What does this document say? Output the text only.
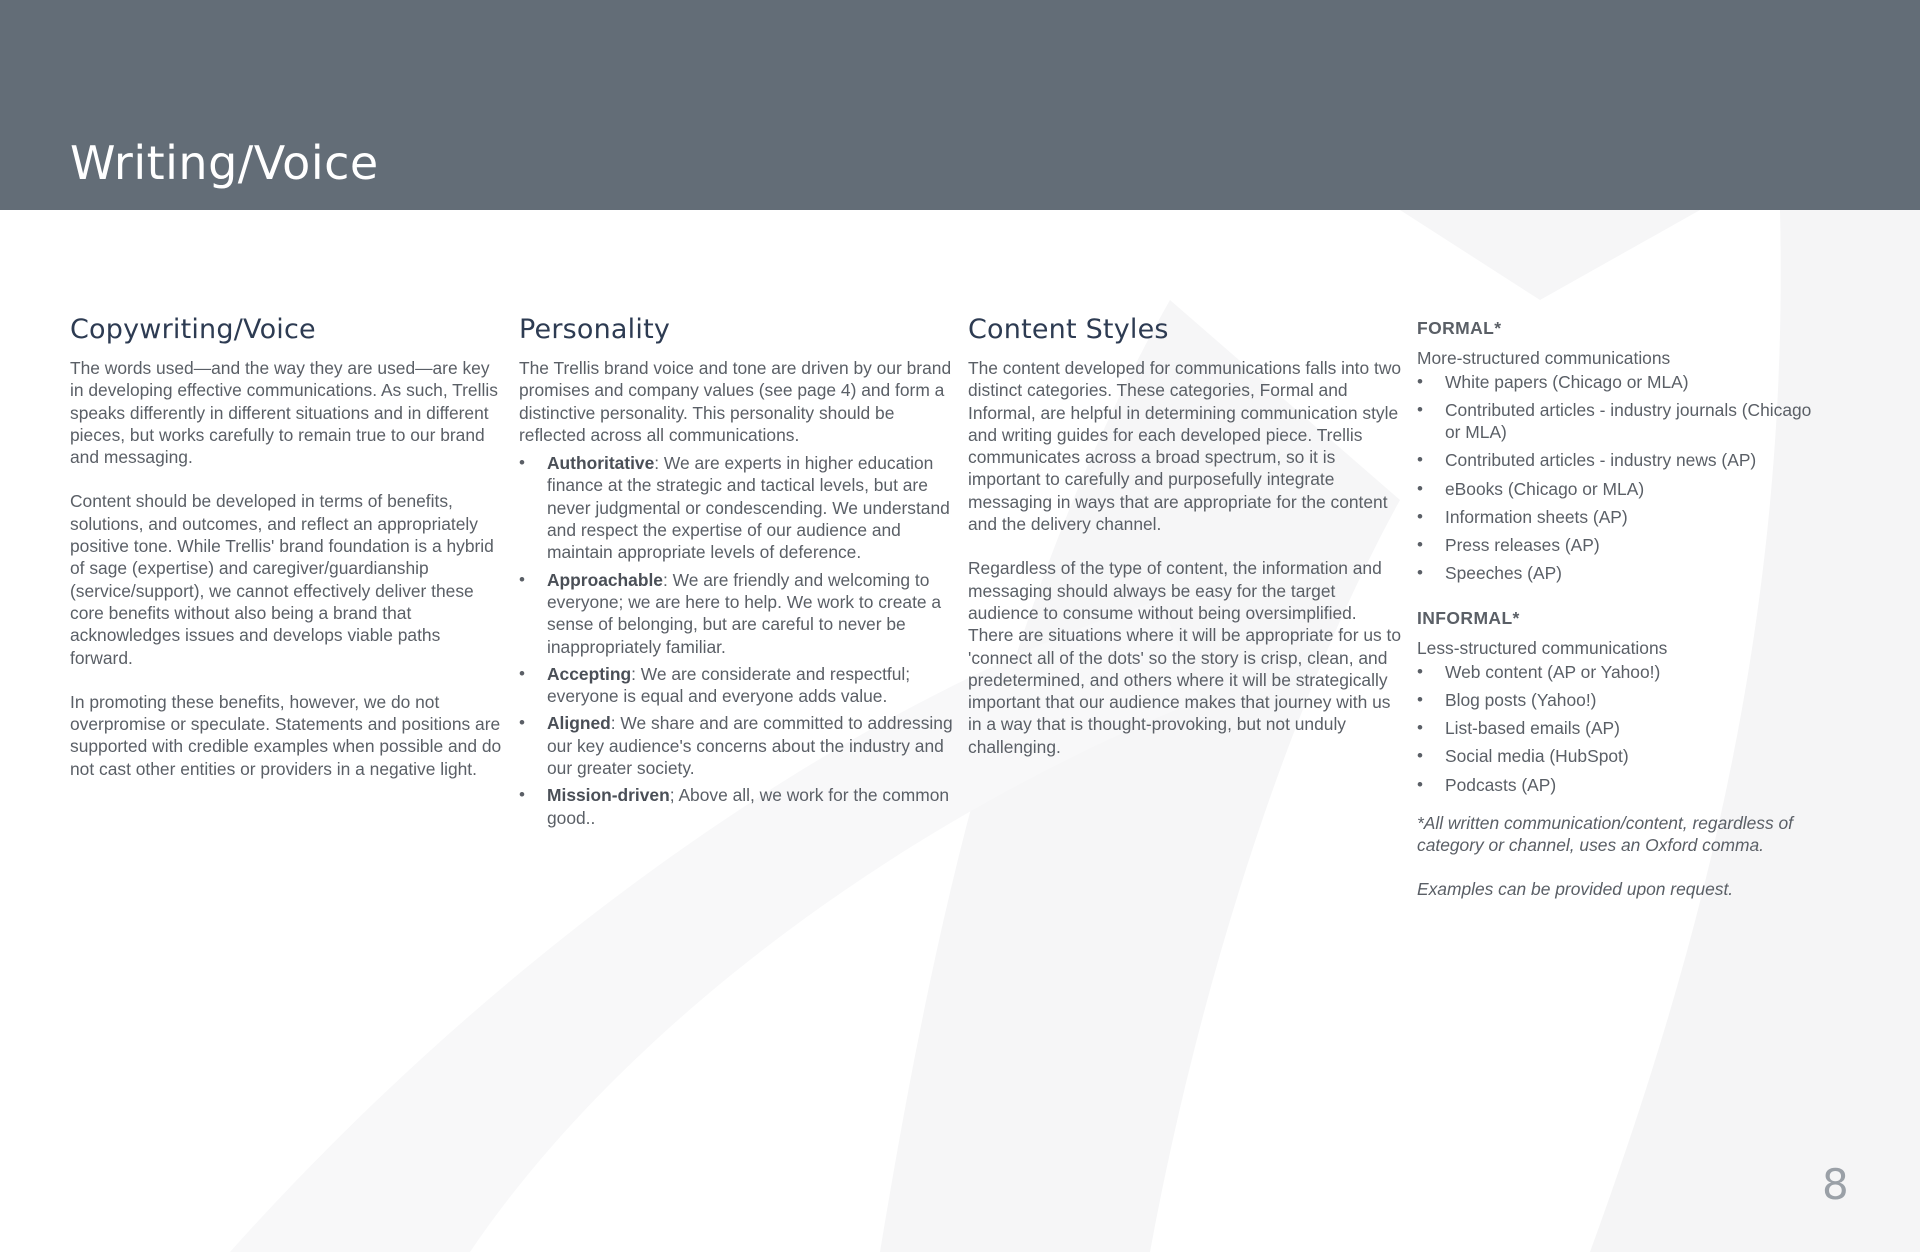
Writing/Voice
Copywriting/Voice

The words used—and the way they are used—are key in developing effective communications. As such, Trellis speaks differently in different situations and in different pieces, but works carefully to remain true to our brand and messaging.

Content should be developed in terms of benefits, solutions, and outcomes, and reflect an appropriately positive tone. While Trellis' brand foundation is a hybrid of sage (expertise) and caregiver/guardianship (service/support), we cannot effectively deliver these core benefits without also being a brand that acknowledges issues and develops viable paths forward.

In promoting these benefits, however, we do not overpromise or speculate. Statements and positions are supported with credible examples when possible and do not cast other entities or providers in a negative light.

Personality

The Trellis brand voice and tone are driven by our brand promises and company values (see page 4) and form a distinctive personality. This personality should be reflected across all communications.

• Authoritative: We are experts in higher education finance at the strategic and tactical levels, but are never judgmental or condescending. We understand and respect the expertise of our audience and maintain appropriate levels of deference.
• Approachable: We are friendly and welcoming to everyone; we are here to help. We work to create a sense of belonging, but are careful to never be inappropriately familiar.
• Accepting: We are considerate and respectful; everyone is equal and everyone adds value.
• Aligned: We share and are committed to addressing our key audience's concerns about the industry and our greater society.
• Mission-driven; Above all, we work for the common good..
Content Styles

The content developed for communications falls into two distinct categories. These categories, Formal and Informal, are helpful in determining communication style and writing guides for each developed piece. Trellis communicates across a broad spectrum, so it is important to carefully and purposefully integrate messaging in ways that are appropriate for the content and the delivery channel.

Regardless of the type of content, the information and messaging should always be easy for the target audience to consume without being oversimplified. There are situations where it will be appropriate for us to 'connect all of the dots' so the story is crisp, clean, and predetermined, and others where it will be strategically important that our audience makes that journey with us in a way that is thought-provoking, but not unduly challenging.

FORMAL*

More-structured communications

• White papers (Chicago or MLA)
• Contributed articles - industry journals (Chicago or MLA)
• Contributed articles - industry news (AP)
• eBooks (Chicago or MLA)
• Information sheets (AP)
• Press releases (AP)
• Speeches (AP)
INFORMAL*

Less-structured communications

• Web content (AP or Yahoo!)
• Blog posts (Yahoo!)
• List-based emails (AP)
• Social media (HubSpot)
• Podcasts (AP)

*All written communication/content, regardless of category or channel, uses an Oxford comma.

Examples can be provided upon request.

8
